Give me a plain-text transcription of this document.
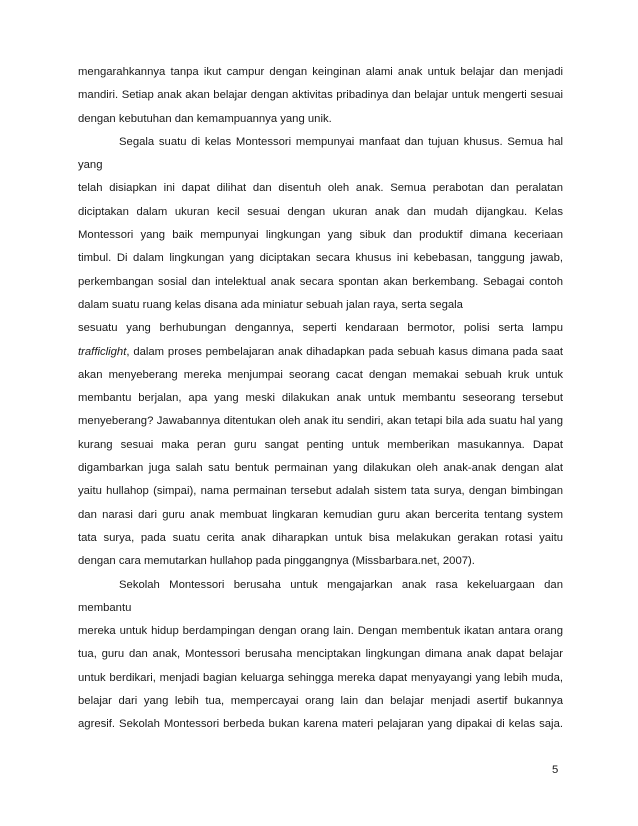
mengarahkannya tanpa ikut campur dengan keinginan alami anak untuk belajar dan menjadi
mandiri. Setiap anak akan belajar dengan aktivitas pribadinya dan belajar untuk mengerti sesuai
dengan kebutuhan dan kemampuannya yang unik.
Segala suatu di kelas Montessori mempunyai manfaat dan tujuan khusus. Semua hal
yang
telah disiapkan ini dapat dilihat dan disentuh oleh anak. Semua perabotan dan peralatan
diciptakan dalam ukuran kecil sesuai dengan ukuran anak dan mudah dijangkau. Kelas
Montessori yang baik mempunyai lingkungan yang sibuk dan produktif dimana keceriaan
timbul. Di dalam lingkungan yang diciptakan secara khusus ini kebebasan, tanggung jawab,
perkembangan sosial dan intelektual anak secara spontan akan berkembang. Sebagai contoh
dalam suatu ruang kelas disana ada miniatur sebuah jalan raya, serta segala
sesuatu yang berhubungan dengannya, seperti kendaraan bermotor, polisi serta lampu
trafficlight, dalam proses pembelajaran anak dihadapkan pada sebuah kasus dimana pada saat
akan menyeberang mereka menjumpai seorang cacat dengan memakai sebuah kruk untuk
membantu berjalan, apa yang meski dilakukan anak untuk membantu seseorang tersebut
menyeberang? Jawabannya ditentukan oleh anak itu sendiri, akan tetapi bila ada suatu hal yang
kurang sesuai maka peran guru sangat penting untuk memberikan masukannya. Dapat
digambarkan juga salah satu bentuk permainan yang dilakukan oleh anak-anak dengan alat
yaitu hullahop (simpai), nama permainan tersebut adalah sistem tata surya, dengan bimbingan
dan narasi dari guru anak membuat lingkaran kemudian guru akan bercerita tentang system
tata surya, pada suatu cerita anak diharapkan untuk bisa melakukan gerakan rotasi yaitu
dengan cara memutarkan hullahop pada pinggangnya (Missbarbara.net, 2007).
Sekolah Montessori berusaha untuk mengajarkan anak rasa kekeluargaan dan
membantu
mereka untuk hidup berdampingan dengan orang lain. Dengan membentuk ikatan antara orang
tua, guru dan anak, Montessori berusaha menciptakan lingkungan dimana anak dapat belajar
untuk berdikari, menjadi bagian keluarga sehingga mereka dapat menyayangi yang lebih muda,
belajar dari yang lebih tua, mempercayai orang lain dan belajar menjadi asertif bukannya
agresif. Sekolah Montessori berbeda bukan karena materi pelajaran yang dipakai di kelas saja.
5
